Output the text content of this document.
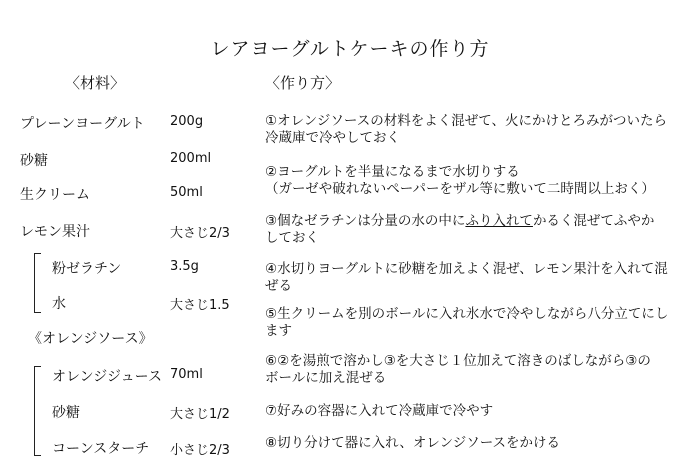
レアヨーグルトケーキの作り方
〈材料〉	〈作り方〉
プレーンヨーグルト 200g
砂糖	200ml
生クリーム	50ml
レモン果汁	大さじ2/3
粉ゼラチン	3.5g
水	大さじ1.5
《オレンジソース》
オレンジジュース 70ml
砂糖	大さじ1/2
コーンスターチ 小さじ2/3
①オレンジソースの材料をよく混ぜて、火にかけとろみがついたら
冷蔵庫で冷やしておく
②ヨーグルトを半量になるまで水切りする
（ガーゼや破れないペーパーをザル等に敷いて二時間以上おく）
③個なゼラチンは分量の水の中にふり入れてかるく混ぜてふやか
しておく
④水切りヨーグルトに砂糖を加えよく混ぜ、レモン果汁を入れて混
ぜる
⑤生クリームを別のボールに入れ氷水で冷やしながら八分立てにし
ます
⑥②を湯煎で溶かし③を大さじ１位加えて溶きのばしながら③の
ボールに加え混ぜる
⑦好みの容器に入れて冷蔵庫で冷やす
⑧切り分けて器に入れ、オレンジソースをかける
